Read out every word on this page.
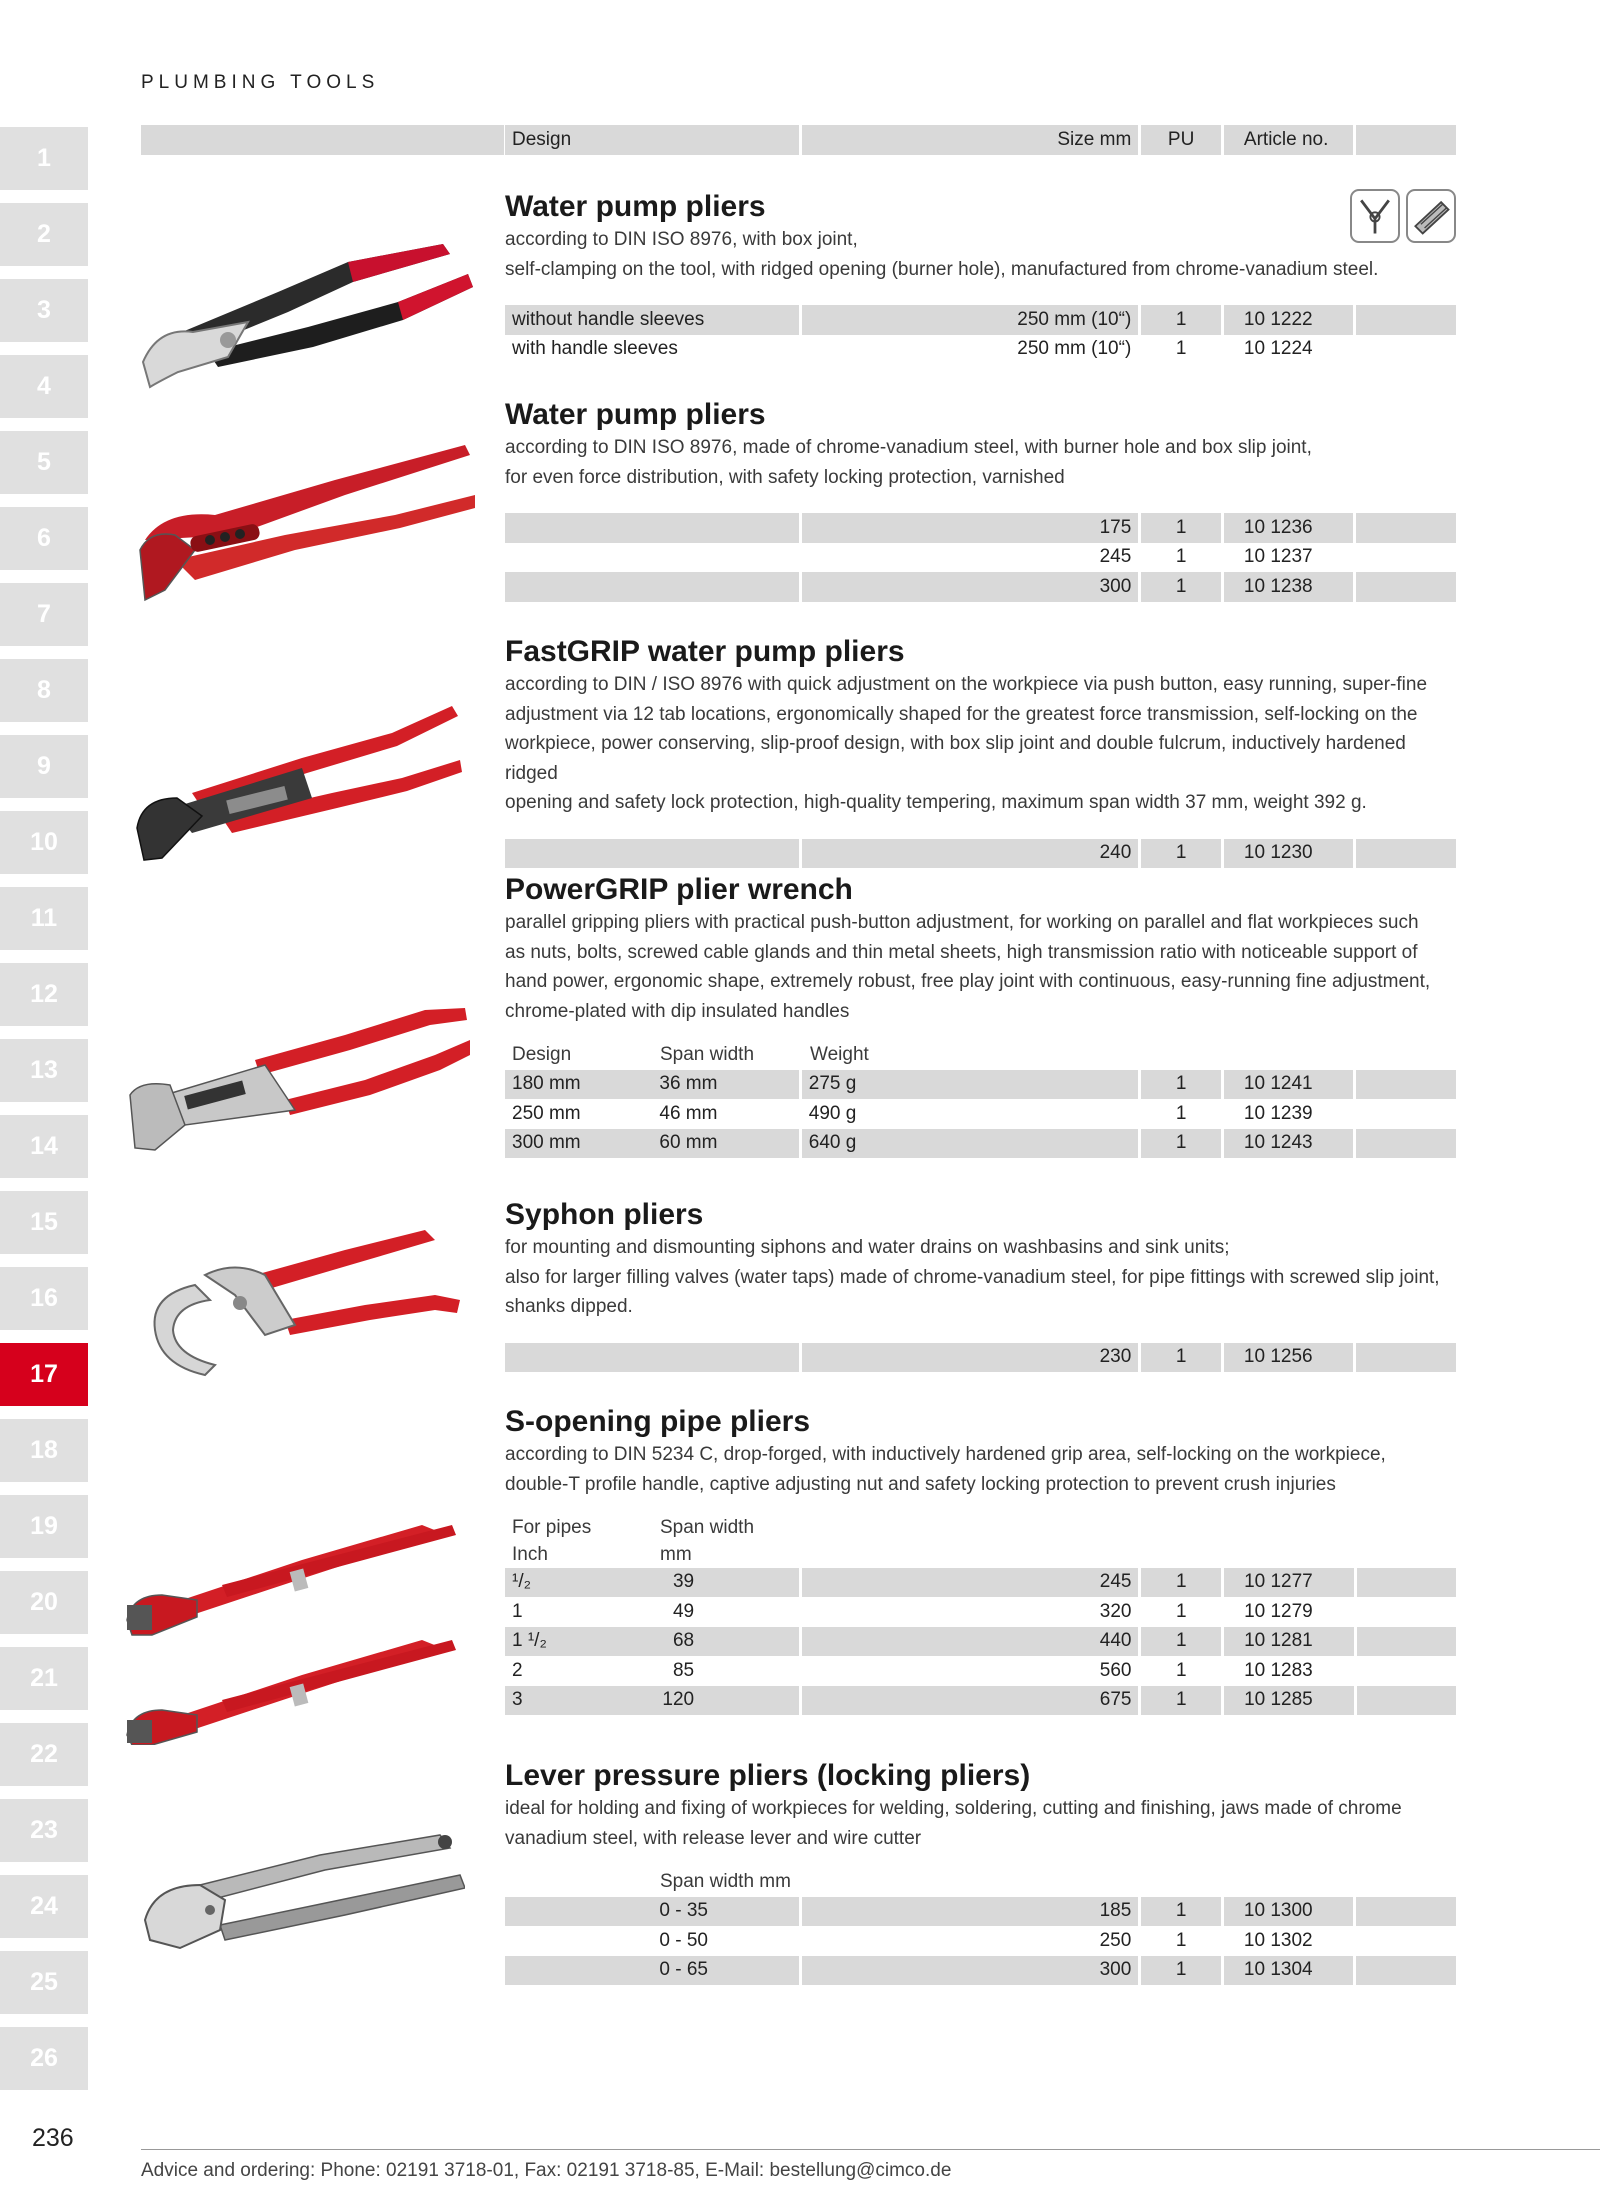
PLUMBING TOOLS
1
2
3
4
5
6
7
8
9
10
11
12
13
14
15
16
17
18
19
20
21
22
23
24
25
26
Design	Size mm	PU	Article no.
Water pump pliers
according to DIN ISO 8976, with box joint,
self-clamping on the tool, with ridged opening (burner hole), manufactured from chrome-vanadium steel.
without handle sleeves	250 mm (10“)	1	10 1222
with handle sleeves	250 mm (10“)	1	10 1224
Water pump pliers
according to DIN ISO 8976, made of chrome-vanadium steel, with burner hole and box slip joint,
for even force distribution, with safety locking protection, varnished
175	1	10 1236
245	1	10 1237
300	1	10 1238
FastGRIP water pump pliers
according to DIN / ISO 8976 with quick adjustment on the workpiece via push button, easy running, super-fine
adjustment via 12 tab locations, ergonomically shaped for the greatest force transmission, self-locking on the
workpiece, power conserving, slip-proof design, with box slip joint and double fulcrum, inductively hardened ridged
opening and safety lock protection, high-quality tempering, maximum span width 37 mm, weight 392 g.
240	1	10 1230
PowerGRIP plier wrench
parallel gripping pliers with practical push-button adjustment, for working on parallel and flat workpieces such
as nuts, bolts, screwed cable glands and thin metal sheets, high transmission ratio with noticeable support of
hand power, ergonomic shape, extremely robust, free play joint with continuous, easy-running fine adjustment,
chrome-plated with dip insulated handles
Design	Span width	Weight
180 mm	36 mm	275 g	1	10 1241
250 mm	46 mm	490 g	1	10 1239
300 mm	60 mm	640 g	1	10 1243
Syphon pliers
for mounting and dismounting siphons and water drains on washbasins and sink units;
also for larger filling valves (water taps) made of chrome-vanadium steel, for pipe fittings with screwed slip joint,
shanks dipped.
230	1	10 1256
S-opening pipe pliers
according to DIN 5234 C, drop-forged, with inductively hardened grip area, self-locking on the workpiece,
double-T profile handle, captive adjusting nut and safety locking protection to prevent crush injuries
For pipes	Span width
Inch	mm
¹/₂	39	245	1	10 1277
1	49	320	1	10 1279
1 ¹/₂	68	440	1	10 1281
2	85	560	1	10 1283
3	120	675	1	10 1285
Lever pressure pliers (locking pliers)
ideal for holding and fixing of workpieces for welding, soldering, cutting and finishing, jaws made of chrome
vanadium steel, with release lever and wire cutter
Span width mm
0 - 35	185	1	10 1300
0 - 50	250	1	10 1302
0 - 65	300	1	10 1304
236
Advice and ordering: Phone: 02191 3718-01, Fax: 02191 3718-85, E-Mail: bestellung@cimco.de
